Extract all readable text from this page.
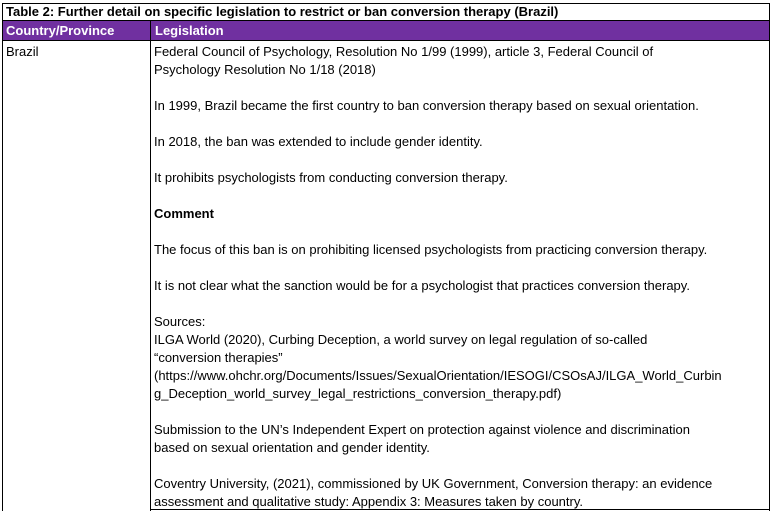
Table 2: Further detail on specific legislation to restrict or ban conversion therapy (Brazil)
Country/Province	Legislation
Brazil	Federal Council of Psychology, Resolution No 1/99 (1999), article 3, Federal Council of
Psychology Resolution No 1/18 (2018)

In 1999, Brazil became the first country to ban conversion therapy based on sexual orientation.

In 2018, the ban was extended to include gender identity.

It prohibits psychologists from conducting conversion therapy.

Comment

The focus of this ban is on prohibiting licensed psychologists from practicing conversion therapy.

It is not clear what the sanction would be for a psychologist that practices conversion therapy.

Sources:

ILGA World (2020), Curbing Deception, a world survey on legal regulation of so-called
“conversion therapies”
(https://www.ohchr.org/Documents/Issues/SexualOrientation/IESOGI/CSOsAJ/ILGA_World_Curbin
g_Deception_world_survey_legal_restrictions_conversion_therapy.pdf)

Submission to the UN’s Independent Expert on protection against violence and discrimination
based on sexual orientation and gender identity.

Coventry University, (2021), commissioned by UK Government, Conversion therapy: an evidence
assessment and qualitative study: Appendix 3: Measures taken by country.
